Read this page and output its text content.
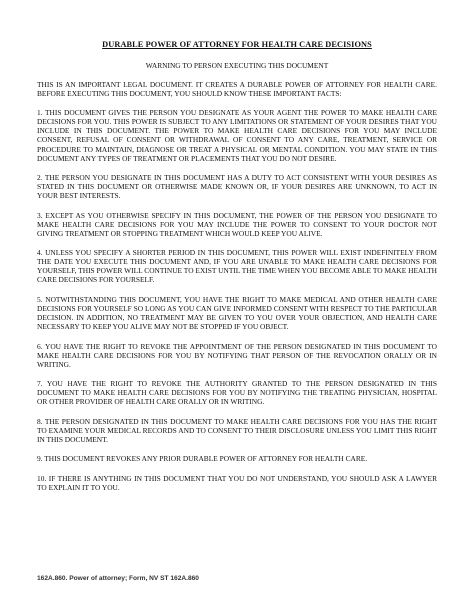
DURABLE POWER OF ATTORNEY FOR HEALTH CARE DECISIONS
WARNING TO PERSON EXECUTING THIS DOCUMENT
THIS IS AN IMPORTANT LEGAL DOCUMENT. IT CREATES A DURABLE POWER OF ATTORNEY FOR HEALTH CARE. BEFORE EXECUTING THIS DOCUMENT, YOU SHOULD KNOW THESE IMPORTANT FACTS:
1. THIS DOCUMENT GIVES THE PERSON YOU DESIGNATE AS YOUR AGENT THE POWER TO MAKE HEALTH CARE DECISIONS FOR YOU. THIS POWER IS SUBJECT TO ANY LIMITATIONS OR STATEMENT OF YOUR DESIRES THAT YOU INCLUDE IN THIS DOCUMENT. THE POWER TO MAKE HEALTH CARE DECISIONS FOR YOU MAY INCLUDE CONSENT, REFUSAL OF CONSENT OR WITHDRAWAL OF CONSENT TO ANY CARE, TREATMENT, SERVICE OR PROCEDURE TO MAINTAIN, DIAGNOSE OR TREAT A PHYSICAL OR MENTAL CONDITION. YOU MAY STATE IN THIS DOCUMENT ANY TYPES OF TREATMENT OR PLACEMENTS THAT YOU DO NOT DESIRE.
2. THE PERSON YOU DESIGNATE IN THIS DOCUMENT HAS A DUTY TO ACT CONSISTENT WITH YOUR DESIRES AS STATED IN THIS DOCUMENT OR OTHERWISE MADE KNOWN OR, IF YOUR DESIRES ARE UNKNOWN, TO ACT IN YOUR BEST INTERESTS.
3. EXCEPT AS YOU OTHERWISE SPECIFY IN THIS DOCUMENT, THE POWER OF THE PERSON YOU DESIGNATE TO MAKE HEALTH CARE DECISIONS FOR YOU MAY INCLUDE THE POWER TO CONSENT TO YOUR DOCTOR NOT GIVING TREATMENT OR STOPPING TREATMENT WHICH WOULD KEEP YOU ALIVE.
4. UNLESS YOU SPECIFY A SHORTER PERIOD IN THIS DOCUMENT, THIS POWER WILL EXIST INDEFINITELY FROM THE DATE YOU EXECUTE THIS DOCUMENT AND, IF YOU ARE UNABLE TO MAKE HEALTH CARE DECISIONS FOR YOURSELF, THIS POWER WILL CONTINUE TO EXIST UNTIL THE TIME WHEN YOU BECOME ABLE TO MAKE HEALTH CARE DECISIONS FOR YOURSELF.
5. NOTWITHSTANDING THIS DOCUMENT, YOU HAVE THE RIGHT TO MAKE MEDICAL AND OTHER HEALTH CARE DECISIONS FOR YOURSELF SO LONG AS YOU CAN GIVE INFORMED CONSENT WITH RESPECT TO THE PARTICULAR DECISION. IN ADDITION, NO TREATMENT MAY BE GIVEN TO YOU OVER YOUR OBJECTION, AND HEALTH CARE NECESSARY TO KEEP YOU ALIVE MAY NOT BE STOPPED IF YOU OBJECT.
6. YOU HAVE THE RIGHT TO REVOKE THE APPOINTMENT OF THE PERSON DESIGNATED IN THIS DOCUMENT TO MAKE HEALTH CARE DECISIONS FOR YOU BY NOTIFYING THAT PERSON OF THE REVOCATION ORALLY OR IN WRITING.
7. YOU HAVE THE RIGHT TO REVOKE THE AUTHORITY GRANTED TO THE PERSON DESIGNATED IN THIS DOCUMENT TO MAKE HEALTH CARE DECISIONS FOR YOU BY NOTIFYING THE TREATING PHYSICIAN, HOSPITAL OR OTHER PROVIDER OF HEALTH CARE ORALLY OR IN WRITING.
8. THE PERSON DESIGNATED IN THIS DOCUMENT TO MAKE HEALTH CARE DECISIONS FOR YOU HAS THE RIGHT TO EXAMINE YOUR MEDICAL RECORDS AND TO CONSENT TO THEIR DISCLOSURE UNLESS YOU LIMIT THIS RIGHT IN THIS DOCUMENT.
9. THIS DOCUMENT REVOKES ANY PRIOR DURABLE POWER OF ATTORNEY FOR HEALTH CARE.
10. IF THERE IS ANYTHING IN THIS DOCUMENT THAT YOU DO NOT UNDERSTAND, YOU SHOULD ASK A LAWYER TO EXPLAIN IT TO YOU.
162A.860. Power of attorney; Form, NV ST 162A.860
